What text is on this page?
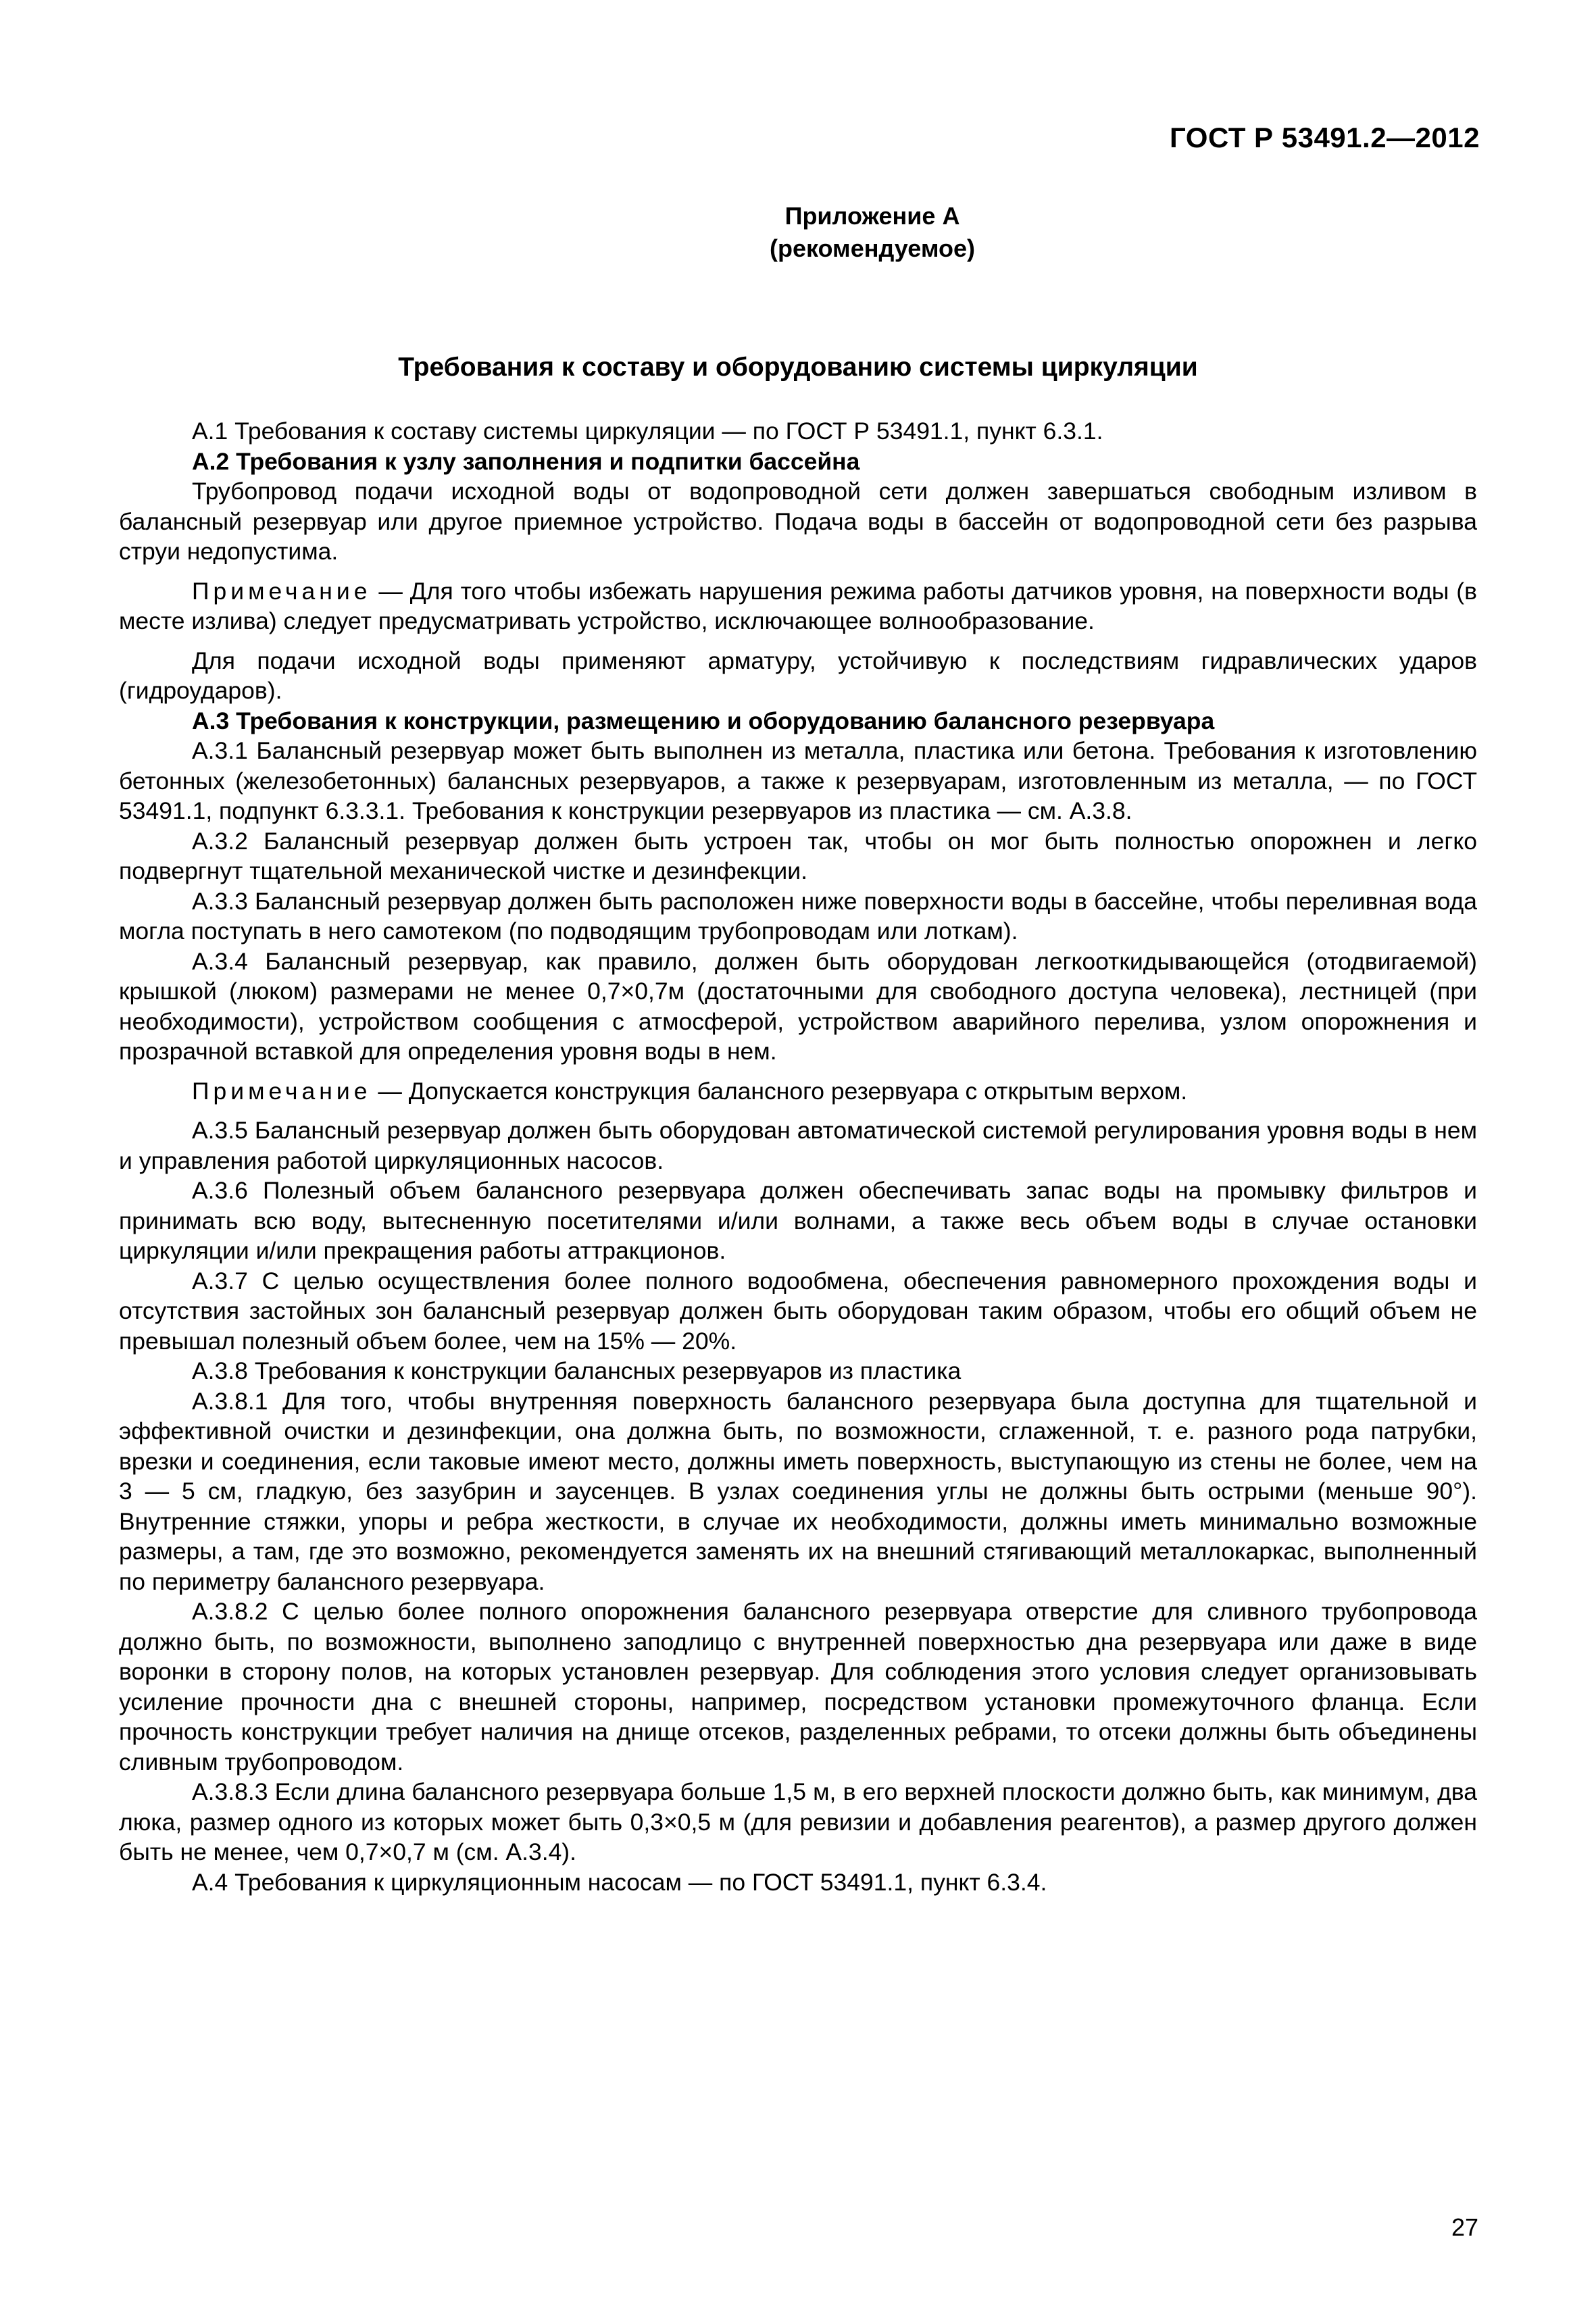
ГОСТ Р 53491.2—2012
Приложение А
(рекомендуемое)
Требования к составу и оборудованию системы циркуляции

А.1 Требования к составу системы циркуляции — по ГОСТ Р 53491.1, пункт 6.3.1.

А.2 Требования к узлу заполнения и подпитки бассейна

Трубопровод подачи исходной воды от водопроводной сети должен завершаться свободным изливом в балансный резервуар или другое приемное устройство. Подача воды в бассейн от водопроводной сети без разрыва струи недопустима.

Примечание — Для того чтобы избежать нарушения режима работы датчиков уровня, на поверхности воды (в месте излива) следует предусматривать устройство, исключающее волнообразование.

Для подачи исходной воды применяют арматуру, устойчивую к последствиям гидравлических ударов (гидроударов).

А.3 Требования к конструкции, размещению и оборудованию балансного резервуара

А.3.1 Балансный резервуар может быть выполнен из металла, пластика или бетона. Требования к изготовлению бетонных (железобетонных) балансных резервуаров, а также к резервуарам, изготовленным из металла, — по ГОСТ 53491.1, подпункт 6.3.3.1. Требования к конструкции резервуаров из пластика — см. А.3.8.

А.3.2 Балансный резервуар должен быть устроен так, чтобы он мог быть полностью опорожнен и легко подвергнут тщательной механической чистке и дезинфекции.

А.3.3 Балансный резервуар должен быть расположен ниже поверхности воды в бассейне, чтобы переливная вода могла поступать в него самотеком (по подводящим трубопроводам или лоткам).

А.3.4 Балансный резервуар, как правило, должен быть оборудован легкооткидывающейся (отодвигаемой) крышкой (люком) размерами не менее 0,7×0,7м (достаточными для свободного доступа человека), лестницей (при необходимости), устройством сообщения с атмосферой, устройством аварийного перелива, узлом опорожнения и прозрачной вставкой для определения уровня воды в нем.

Примечание — Допускается конструкция балансного резервуара с открытым верхом.

А.3.5 Балансный резервуар должен быть оборудован автоматической системой регулирования уровня воды в нем и управления работой циркуляционных насосов.

А.3.6 Полезный объем балансного резервуара должен обеспечивать запас воды на промывку фильтров и принимать всю воду, вытесненную посетителями и/или волнами, а также весь объем воды в случае остановки циркуляции и/или прекращения работы аттракционов.

А.3.7 С целью осуществления более полного водообмена, обеспечения равномерного прохождения воды и отсутствия застойных зон балансный резервуар должен быть оборудован таким образом, чтобы его общий объем не превышал полезный объем более, чем на 15% — 20%.

А.3.8 Требования к конструкции балансных резервуаров из пластика

А.3.8.1 Для того, чтобы внутренняя поверхность балансного резервуара была доступна для тщательной и эффективной очистки и дезинфекции, она должна быть, по возможности, сглаженной, т. е. разного рода патрубки, врезки и соединения, если таковые имеют место, должны иметь поверхность, выступающую из стены не более, чем на 3 — 5 см, гладкую, без зазубрин и заусенцев. В узлах соединения углы не должны быть острыми (меньше 90°). Внутренние стяжки, упоры и ребра жесткости, в случае их необходимости, должны иметь минимально возможные размеры, а там, где это возможно, рекомендуется заменять их на внешний стягивающий металлокаркас, выполненный по периметру балансного резервуара.

А.3.8.2 С целью более полного опорожнения балансного резервуара отверстие для сливного трубопровода должно быть, по возможности, выполнено заподлицо с внутренней поверхностью дна резервуара или даже в виде воронки в сторону полов, на которых установлен резервуар. Для соблюдения этого условия следует организовывать усиление прочности дна с внешней стороны, например, посредством установки промежуточного фланца. Если прочность конструкции требует наличия на днище отсеков, разделенных ребрами, то отсеки должны быть объединены сливным трубопроводом.

А.3.8.3 Если длина балансного резервуара больше 1,5 м, в его верхней плоскости должно быть, как минимум, два люка, размер одного из которых может быть 0,3×0,5 м (для ревизии и добавления реагентов), а размер другого должен быть не менее, чем 0,7×0,7 м (см. А.3.4).

А.4 Требования к циркуляционным насосам — по ГОСТ 53491.1, пункт 6.3.4.

27
